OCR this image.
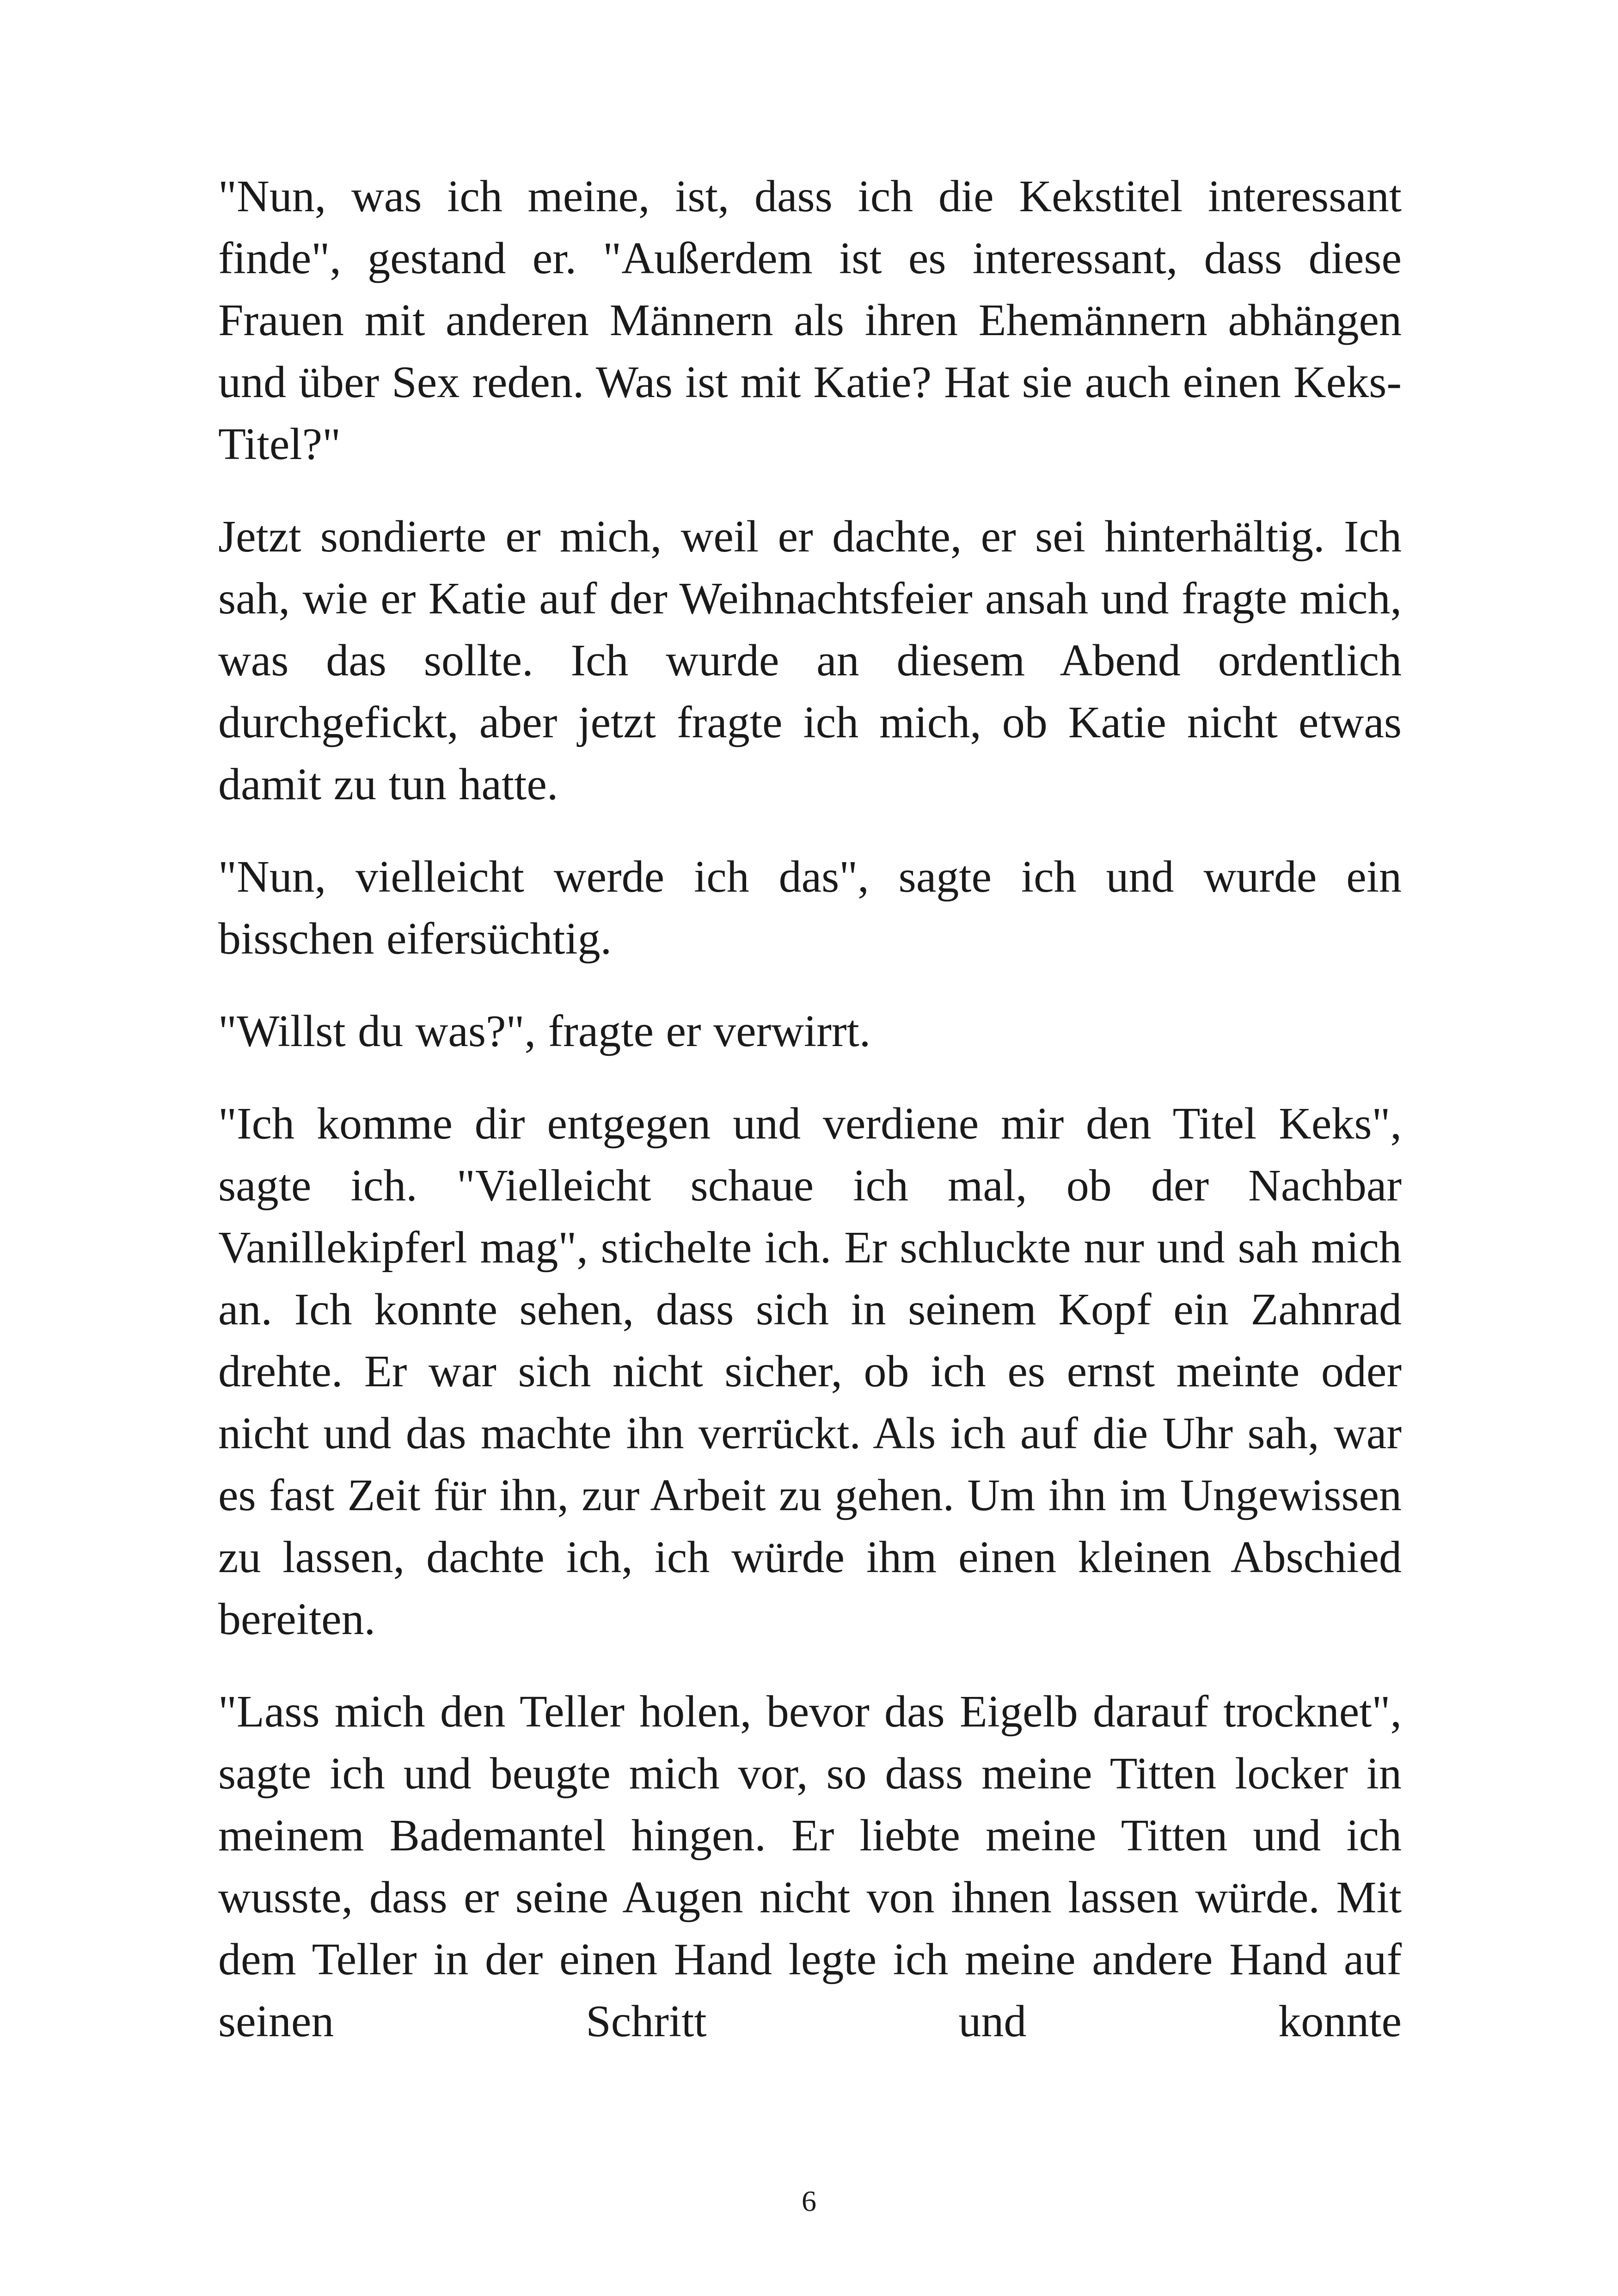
"Nun, was ich meine, ist, dass ich die Kekstitel interessant finde", gestand er. "Außerdem ist es interessant, dass diese Frauen mit anderen Männern als ihren Ehemännern abhängen und über Sex reden. Was ist mit Katie? Hat sie auch einen Keks-Titel?"

Jetzt sondierte er mich, weil er dachte, er sei hinterhältig. Ich sah, wie er Katie auf der Weihnachtsfeier ansah und fragte mich, was das sollte. Ich wurde an diesem Abend ordentlich durchgefickt, aber jetzt fragte ich mich, ob Katie nicht etwas damit zu tun hatte.

"Nun, vielleicht werde ich das", sagte ich und wurde ein bisschen eifersüchtig.

"Willst du was?", fragte er verwirrt.

"Ich komme dir entgegen und verdiene mir den Titel Keks", sagte ich. "Vielleicht schaue ich mal, ob der Nachbar Vanillekipferl mag", stichelte ich. Er schluckte nur und sah mich an. Ich konnte sehen, dass sich in seinem Kopf ein Zahnrad drehte. Er war sich nicht sicher, ob ich es ernst meinte oder nicht und das machte ihn verrückt. Als ich auf die Uhr sah, war es fast Zeit für ihn, zur Arbeit zu gehen. Um ihn im Ungewissen zu lassen, dachte ich, ich würde ihm einen kleinen Abschied bereiten.

"Lass mich den Teller holen, bevor das Eigelb darauf trocknet", sagte ich und beugte mich vor, so dass meine Titten locker in meinem Bademantel hingen. Er liebte meine Titten und ich wusste, dass er seine Augen nicht von ihnen lassen würde. Mit dem Teller in der einen Hand legte ich meine andere Hand auf seinen Schritt und konnte

6
